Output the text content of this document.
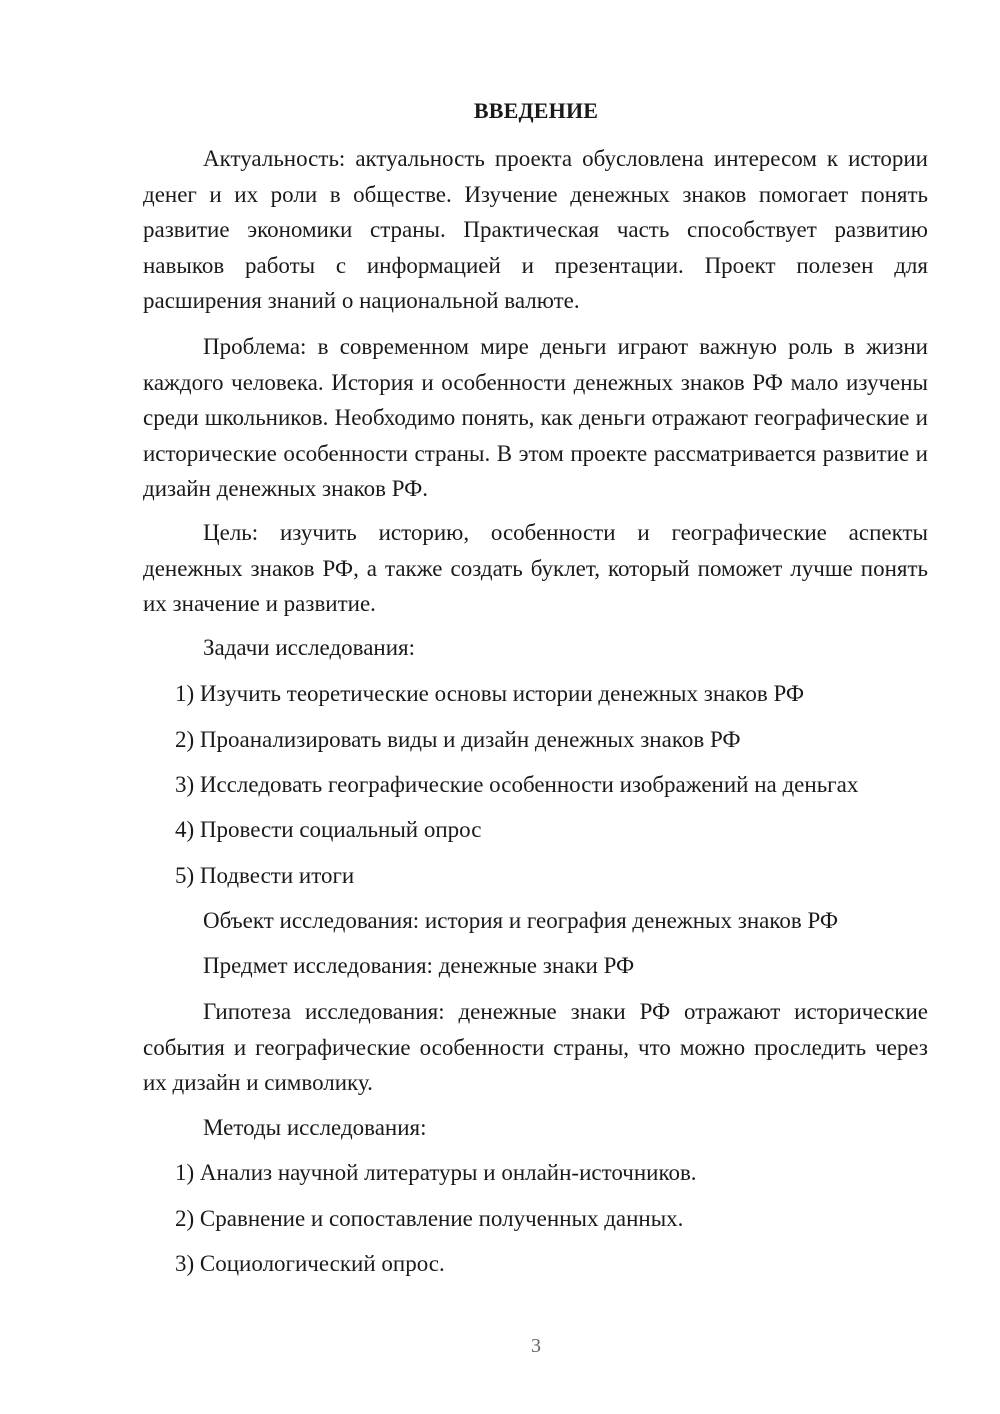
ВВЕДЕНИЕ
Актуальность: актуальность проекта обусловлена интересом к истории денег и их роли в обществе. Изучение денежных знаков помогает понять развитие экономики страны. Практическая часть способствует развитию навыков работы с информацией и презентации. Проект полезен для расширения знаний о национальной валюте.
Проблема: в современном мире деньги играют важную роль в жизни каждого человека. История и особенности денежных знаков РФ мало изучены среди школьников. Необходимо понять, как деньги отражают географические и исторические особенности страны. В этом проекте рассматривается развитие и дизайн денежных знаков РФ.
Цель: изучить историю, особенности и географические аспекты денежных знаков РФ, а также создать буклет, который поможет лучше понять их значение и развитие.
Задачи исследования:
1) Изучить теоретические основы истории денежных знаков РФ
2) Проанализировать виды и дизайн денежных знаков РФ
3) Исследовать географические особенности изображений на деньгах
4) Провести социальный опрос
5) Подвести итоги
Объект исследования: история и география денежных знаков РФ
Предмет исследования: денежные знаки РФ
Гипотеза исследования: денежные знаки РФ отражают исторические события и географические особенности страны, что можно проследить через их дизайн и символику.
Методы исследования:
1) Анализ научной литературы и онлайн-источников.
2) Сравнение и сопоставление полученных данных.
3) Социологический опрос.
3
